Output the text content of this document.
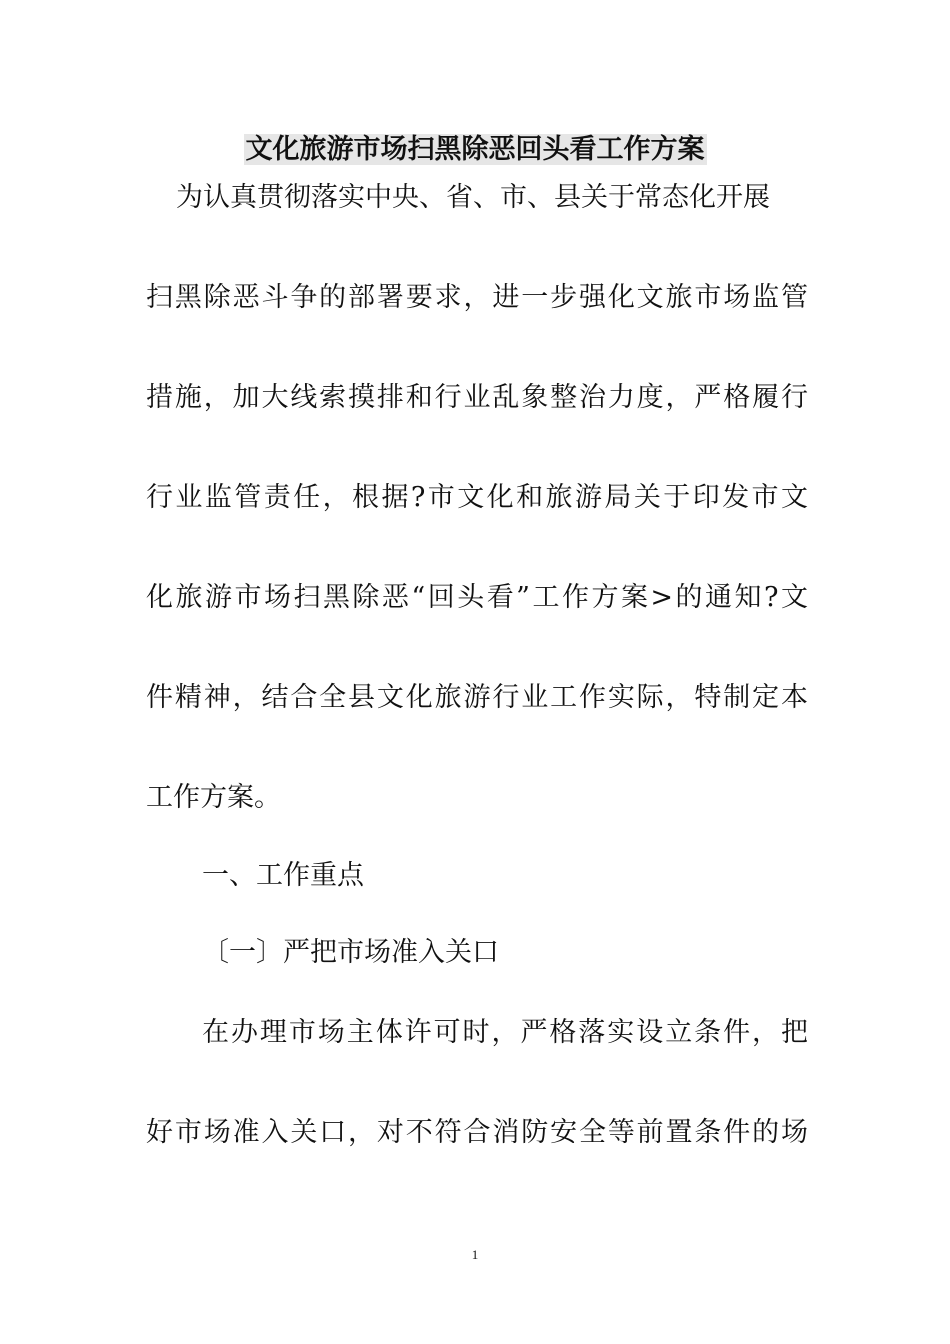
文化旅游市场扫黑除恶回头看工作方案

为认真贯彻落实中央、省、市、县关于常态化开展

扫黑除恶斗争的部署要求，进一步强化文旅市场监管

措施，加大线索摸排和行业乱象整治力度，严格履行

行业监管责任，根据?市文化和旅游局关于印发市文

化旅游市场扫黑除恶“回头看”工作方案>的通知?文

件精神，结合全县文化旅游行业工作实际，特制定本

工作方案。

一、工作重点

〔一〕严把市场准入关口

在办理市场主体许可时，严格落实设立条件，把

好市场准入关口，对不符合消防安全等前置条件的场

1
